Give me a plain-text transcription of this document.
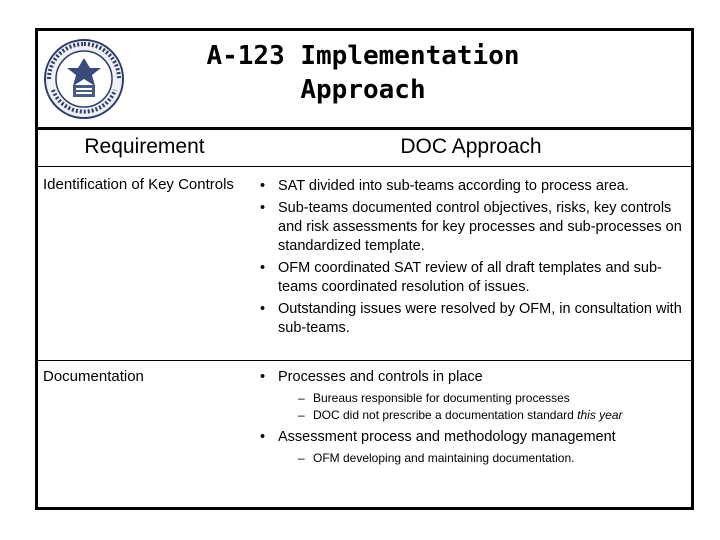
A-123 Implementation
Approach
Requirement	DOC Approach
Identification of Key Controls	• SAT divided into sub-teams according to process area.
• Sub-teams documented control objectives, risks, key controls and risk assessments for key processes and sub-processes on standardized template.
• OFM coordinated SAT review of all draft templates and sub-teams coordinated resolution of issues.
• Outstanding issues were resolved by OFM, in consultation with sub-teams.
Documentation	• Processes and controls in place
– Bureaus responsible for documenting processes
– DOC did not prescribe a documentation standard this year
• Assessment process and methodology management
– OFM developing and maintaining documentation.
